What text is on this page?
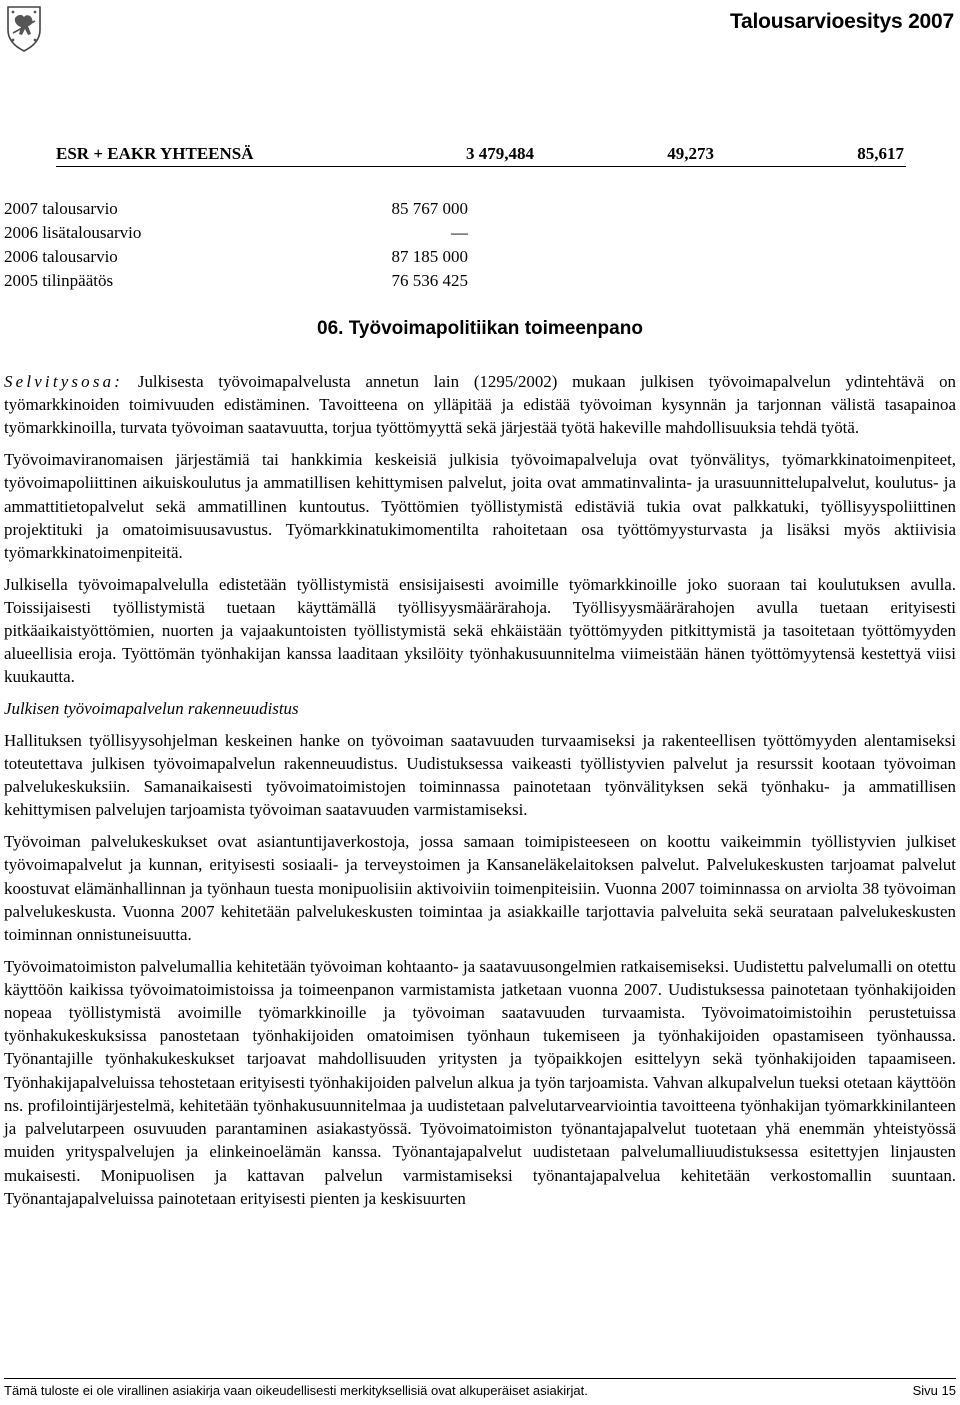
Talousarvioesitys 2007
ESR + EAKR YHTEENSÄ	3 479,484	49,273	85,617
2007 talousarvio	85 767 000
2006 lisätalousarvio	—
2006 talousarvio	87 185 000
2005 tilinpäätös	76 536 425
06. Työvoimapolitiikan toimeenpano

Selvitysosa: Julkisesta työvoimapalvelusta annetun lain (1295/2002) mukaan julkisen työvoimapalvelun ydintehtävä on työmarkkinoiden toimivuuden edistäminen. Tavoitteena on ylläpitää ja edistää työvoiman kysynnän ja tarjonnan välistä tasapainoa työmarkkinoilla, turvata työvoiman saatavuutta, torjua työttömyyttä sekä järjestää työtä hakeville mahdollisuuksia tehdä työtä.

Työvoimaviranomaisen järjestämiä tai hankkimia keskeisiä julkisia työvoimapalveluja ovat työnvälitys, työmarkkinatoimenpiteet, työvoimapoliittinen aikuiskoulutus ja ammatillisen kehittymisen palvelut, joita ovat ammatinvalinta- ja urasuunnittelupalvelut, koulutus- ja ammattitietopalvelut sekä ammatillinen kuntoutus. Työttömien työllistymistä edistäviä tukia ovat palkkatuki, työllisyyspoliittinen projektituki ja omatoimisuusavustus. Työmarkkinatukimomentilta rahoitetaan osa työttömyysturvasta ja lisäksi myös aktiivisia työmarkkinatoimenpiteitä.

Julkisella työvoimapalvelulla edistetään työllistymistä ensisijaisesti avoimille työmarkkinoille joko suoraan tai koulutuksen avulla. Toissijaisesti työllistymistä tuetaan käyttämällä työllisyysmäärärahoja. Työllisyysmäärärahojen avulla tuetaan erityisesti pitkäaikaistyöttömien, nuorten ja vajaakuntoisten työllistymistä sekä ehkäistään työttömyyden pitkittymistä ja tasoitetaan työttömyyden alueellisia eroja. Työttömän työnhakijan kanssa laaditaan yksilöity työnhakusuunnitelma viimeistään hänen työttömyytensä kestettyä viisi kuukautta.

Julkisen työvoimapalvelun rakenneuudistus

Hallituksen työllisyysohjelman keskeinen hanke on työvoiman saatavuuden turvaamiseksi ja rakenteellisen työttömyyden alentamiseksi toteutettava julkisen työvoimapalvelun rakenneuudistus. Uudistuksessa vaikeasti työllistyvien palvelut ja resurssit kootaan työvoiman palvelukeskuksiin. Samanaikaisesti työvoimatoimistojen toiminnassa painotetaan työnvälityksen sekä työnhaku- ja ammatillisen kehittymisen palvelujen tarjoamista työvoiman saatavuuden varmistamiseksi.

Työvoiman palvelukeskukset ovat asiantuntijaverkostoja, jossa samaan toimipisteeseen on koottu vaikeimmin työllistyvien julkiset työvoimapalvelut ja kunnan, erityisesti sosiaali- ja terveystoimen ja Kansaneläkelaitoksen palvelut. Palvelukeskusten tarjoamat palvelut koostuvat elämänhallinnan ja työnhaun tuesta monipuolisiin aktivoiviin toimenpiteisiin. Vuonna 2007 toiminnassa on arviolta 38 työvoiman palvelukeskusta. Vuonna 2007 kehitetään palvelukeskusten toimintaa ja asiakkaille tarjottavia palveluita sekä seurataan palvelukeskusten toiminnan onnistuneisuutta.

Työvoimatoimiston palvelumallia kehitetään työvoiman kohtaanto- ja saatavuusongelmien ratkaisemiseksi. Uudistettu palvelumalli on otettu käyttöön kaikissa työvoimatoimistoissa ja toimeenpanon varmistamista jatketaan vuonna 2007. Uudistuksessa painotetaan työnhakijoiden nopeaa työllistymistä avoimille työmarkkinoille ja työvoiman saatavuuden turvaamista. Työvoimatoimistoihin perustetuissa työnhakukeskuksissa panostetaan työnhakijoiden omatoimisen työnhaun tukemiseen ja työnhakijoiden opastamiseen työnhaussa. Työnantajille työnhakukeskukset tarjoavat mahdollisuuden yritysten ja työpaikkojen esittelyyn sekä työnhakijoiden tapaamiseen. Työnhakijapalveluissa tehostetaan erityisesti työnhakijoiden palvelun alkua ja työn tarjoamista. Vahvan alkupalvelun tueksi otetaan käyttöön ns. profilointijärjestelmä, kehitetään työnhakusuunnitelmaa ja uudistetaan palvelutarvearviointia tavoitteena työnhakijan työmarkkinilanteen ja palvelutarpeen osuvuuden parantaminen asiakastyössä. Työvoimatoimiston työnantajapalvelut tuotetaan yhä enemmän yhteistyössä muiden yrityspalvelujen ja elinkeinoelämän kanssa. Työnantajapalvelut uudistetaan palvelumalliuudistuksessa esitettyjen linjausten mukaisesti. Monipuolisen ja kattavan palvelun varmistamiseksi työnantajapalvelua kehitetään verkostomallin suuntaan. Työnantajapalveluissa painotetaan erityisesti pienten ja keskisuurten

Tämä tuloste ei ole virallinen asiakirja vaan oikeudellisesti merkityksellisiä ovat alkuperäiset asiakirjat.	Sivu 15
